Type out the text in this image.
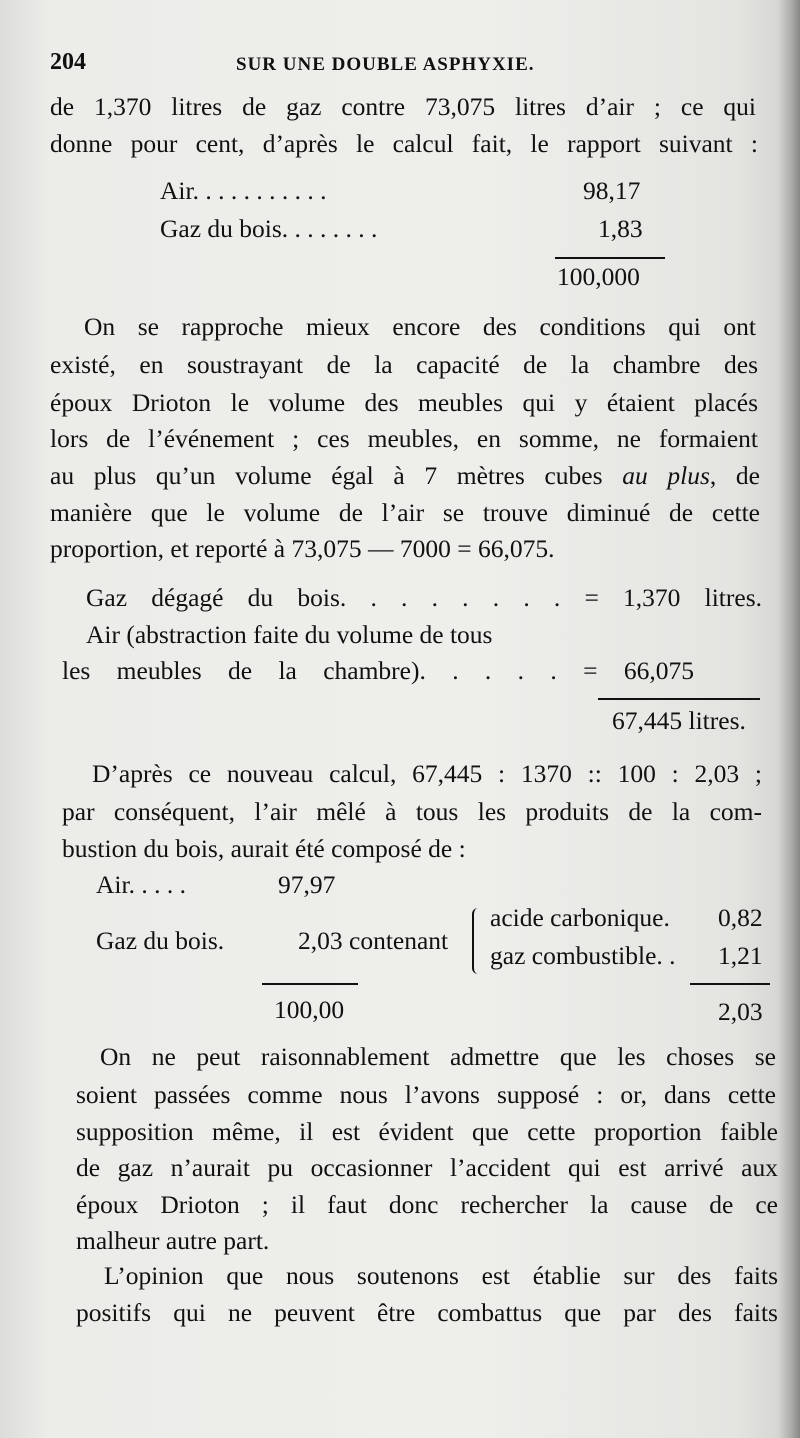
204	SUR UNE DOUBLE ASPHYXIE.
de 1,370 litres de gaz contre 73,075 litres d’air ; ce qui
donne pour cent, d’après le calcul fait, le rapport suivant :
Air. . . . . . . . . . .	98,17
Gaz du bois. . . . . . . .	1,83
100,000
On se rapproche mieux encore des conditions qui ont
existé, en soustrayant de la capacité de la chambre des
époux Drioton le volume des meubles qui y étaient placés
lors de l’événement ; ces meubles, en somme, ne formaient
au plus qu’un volume égal à 7 mètres cubes au plus, de
manière que le volume de l’air se trouve diminué de cette
proportion, et reporté à 73,075 — 7000 = 66,075.
Gaz dégagé du bois. . . . . . . . = 1,370 litres.
Air (abstraction faite du volume de tous
les meubles de la chambre). . . . . = 66,075
67,445 litres.
D’après ce nouveau calcul, 67,445 : 1370 :: 100 : 2,03 ;
par conséquent, l’air mêlé à tous les produits de la com-
bustion du bois, aurait été composé de :
Air. . . . .	97,97
Gaz du bois.	2,03 contenant
acide carbonique. 0,82
gaz combustible. . 1,21
100,00	2,03
On ne peut raisonnablement admettre que les choses se
soient passées comme nous l’avons supposé : or, dans cette
supposition même, il est évident que cette proportion faible
de gaz n’aurait pu occasionner l’accident qui est arrivé aux
époux Drioton ; il faut donc rechercher la cause de ce
malheur autre part.
L’opinion que nous soutenons est établie sur des faits
positifs qui ne peuvent être combattus que par des faits
